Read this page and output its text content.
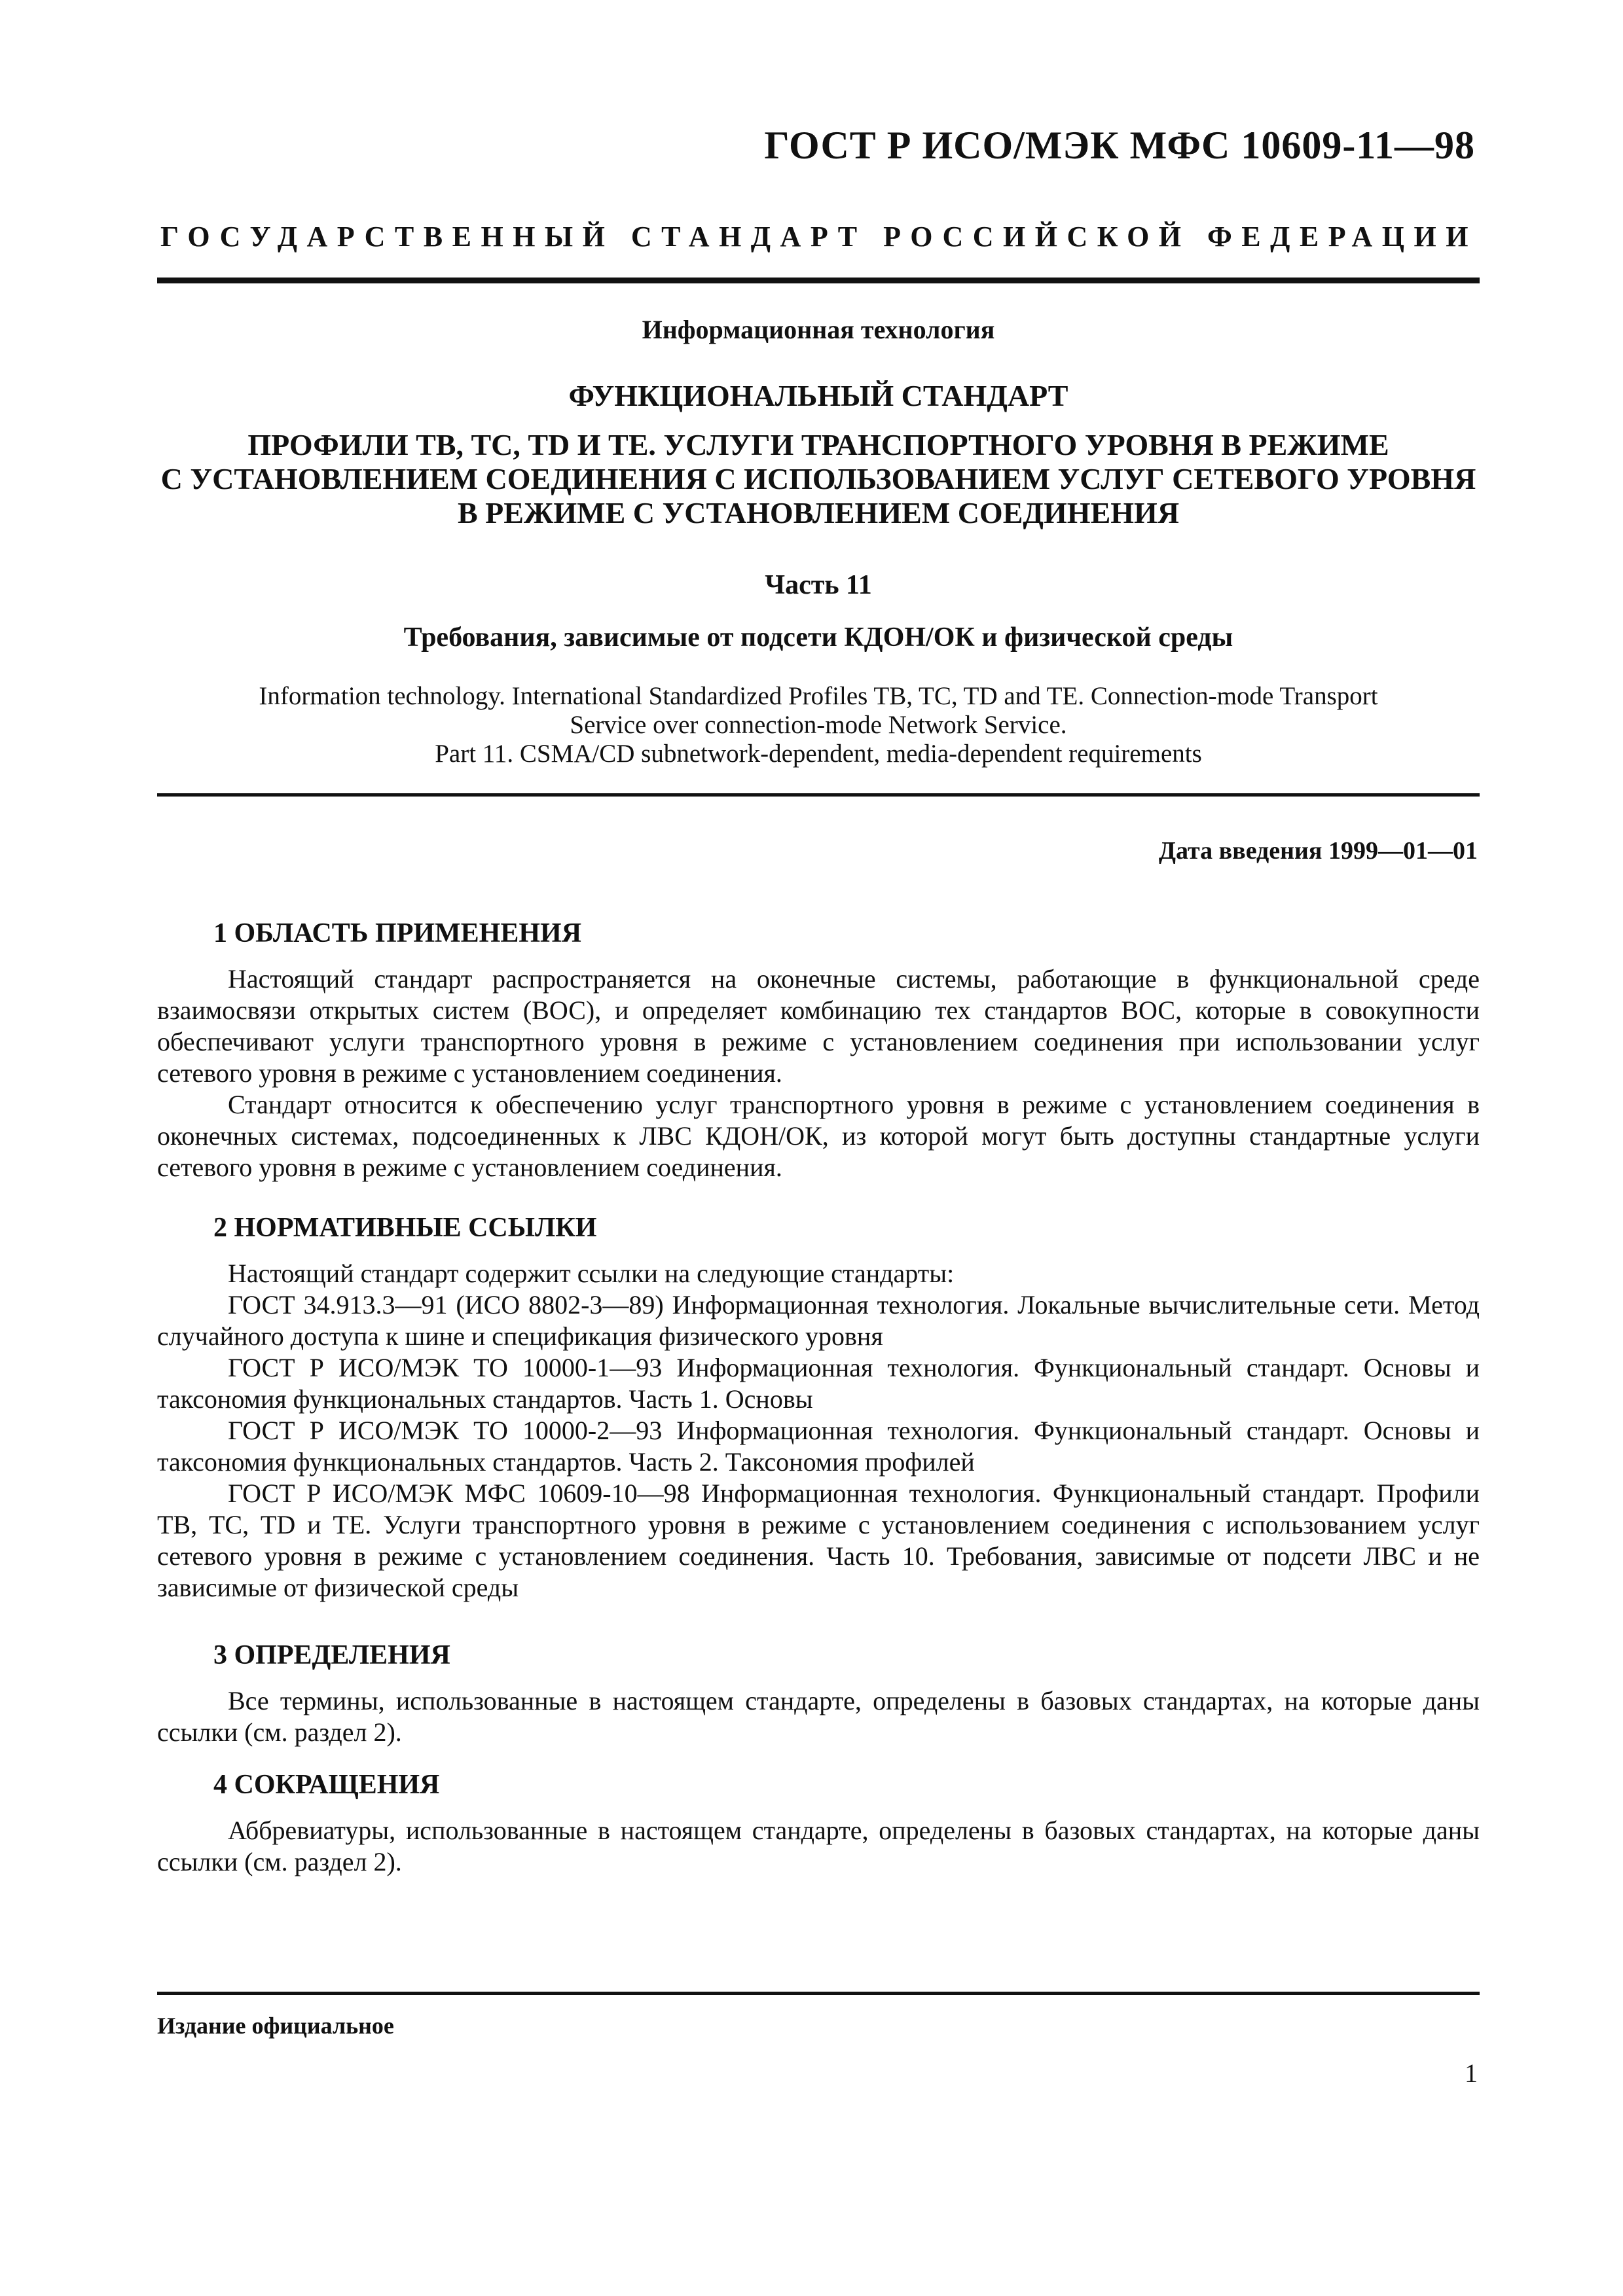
ГОСТ Р ИСО/МЭК МФС 10609-11—98
ГОСУДАРСТВЕННЫЙ СТАНДАРТ РОССИЙСКОЙ ФЕДЕРАЦИИ
Информационная технология
ФУНКЦИОНАЛЬНЫЙ СТАНДАРТ
ПРОФИЛИ ТВ, ТС, TD И ТЕ. УСЛУГИ ТРАНСПОРТНОГО УРОВНЯ В РЕЖИМЕ
С УСТАНОВЛЕНИЕМ СОЕДИНЕНИЯ С ИСПОЛЬЗОВАНИЕМ УСЛУГ СЕТЕВОГО УРОВНЯ
В РЕЖИМЕ С УСТАНОВЛЕНИЕМ СОЕДИНЕНИЯ
Часть 11
Требования, зависимые от подсети КДОН/ОК и физической среды
Information technology. International Standardized Profiles TB, TC, TD and TE. Connection-mode Transport
Service over connection-mode Network Service.
Part 11. CSMA/CD subnetwork-dependent, media-dependent requirements
Дата введения 1999—01—01
1 ОБЛАСТЬ ПРИМЕНЕНИЯ

Настоящий стандарт распространяется на оконечные системы, работающие в функциональной среде взаимосвязи открытых систем (ВОС), и определяет комбинацию тех стандартов ВОС, которые в совокупности обеспечивают услуги транспортного уровня в режиме с установлением соединения при использовании услуг сетевого уровня в режиме с установлением соединения.

Стандарт относится к обеспечению услуг транспортного уровня в режиме с установлением соединения в оконечных системах, подсоединенных к ЛВС КДОН/ОК, из которой могут быть доступны стандартные услуги сетевого уровня в режиме с установлением соединения.

2 НОРМАТИВНЫЕ ССЫЛКИ

Настоящий стандарт содержит ссылки на следующие стандарты:

ГОСТ 34.913.3—91 (ИСО 8802-3—89) Информационная технология. Локальные вычислительные сети. Метод случайного доступа к шине и спецификация физического уровня

ГОСТ Р ИСО/МЭК ТО 10000-1—93 Информационная технология. Функциональный стандарт. Основы и таксономия функциональных стандартов. Часть 1. Основы

ГОСТ Р ИСО/МЭК ТО 10000-2—93 Информационная технология. Функциональный стандарт. Основы и таксономия функциональных стандартов. Часть 2. Таксономия профилей

ГОСТ Р ИСО/МЭК МФС 10609-10—98 Информационная технология. Функциональный стандарт. Профили ТВ, ТС, TD и ТЕ. Услуги транспортного уровня в режиме с установлением соединения с использованием услуг сетевого уровня в режиме с установлением соединения. Часть 10. Требования, зависимые от подсети ЛВС и не зависимые от физической среды

3 ОПРЕДЕЛЕНИЯ

Все термины, использованные в настоящем стандарте, определены в базовых стандартах, на которые даны ссылки (см. раздел 2).

4 СОКРАЩЕНИЯ

Аббревиатуры, использованные в настоящем стандарте, определены в базовых стандартах, на которые даны ссылки (см. раздел 2).

Издание официальное
1
